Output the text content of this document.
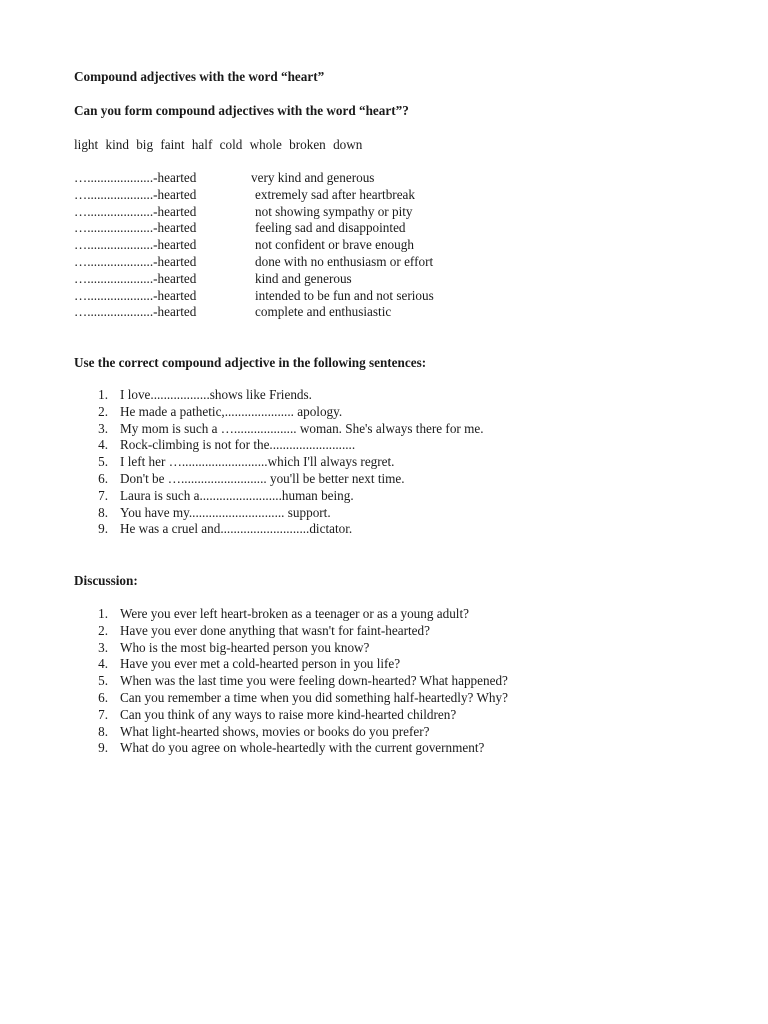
Compound adjectives with the word “heart”
Can you form compound adjectives with the word “heart”?
light kind big faint half cold whole broken down
…....................-hearted	very kind and generous
…....................-hearted	extremely sad after heartbreak
…....................-hearted	not showing sympathy or pity
…....................-hearted	feeling sad and disappointed
…....................-hearted	not confident or brave enough
…....................-hearted	done with no enthusiasm or effort
…....................-hearted	kind and generous
…....................-hearted	intended to be fun and not serious
…....................-hearted	complete and enthusiastic
Use the correct compound adjective in the following sentences:
1. I love..................shows like Friends.
2. He made a pathetic,..................... apology.
3. My mom is such a …................... woman. She's always there for me.
4. Rock-climbing is not for the..........................
5. I left her …..........................which I'll always regret.
6. Don't be ….......................... you'll be better next time.
7. Laura is such a.........................human being.
8. You have my............................. support.
9. He was a cruel and...........................dictator.
Discussion:
1. Were you ever left heart-broken as a teenager or as a young adult?
2. Have you ever done anything that wasn't for faint-hearted?
3. Who is the most big-hearted person you know?
4. Have you ever met a cold-hearted person in you life?
5. When was the last time you were feeling down-hearted? What happened?
6. Can you remember a time when you did something half-heartedly? Why?
7. Can you think of any ways to raise more kind-hearted children?
8. What light-hearted shows, movies or books do you prefer?
9. What do you agree on whole-heartedly with the current government?
